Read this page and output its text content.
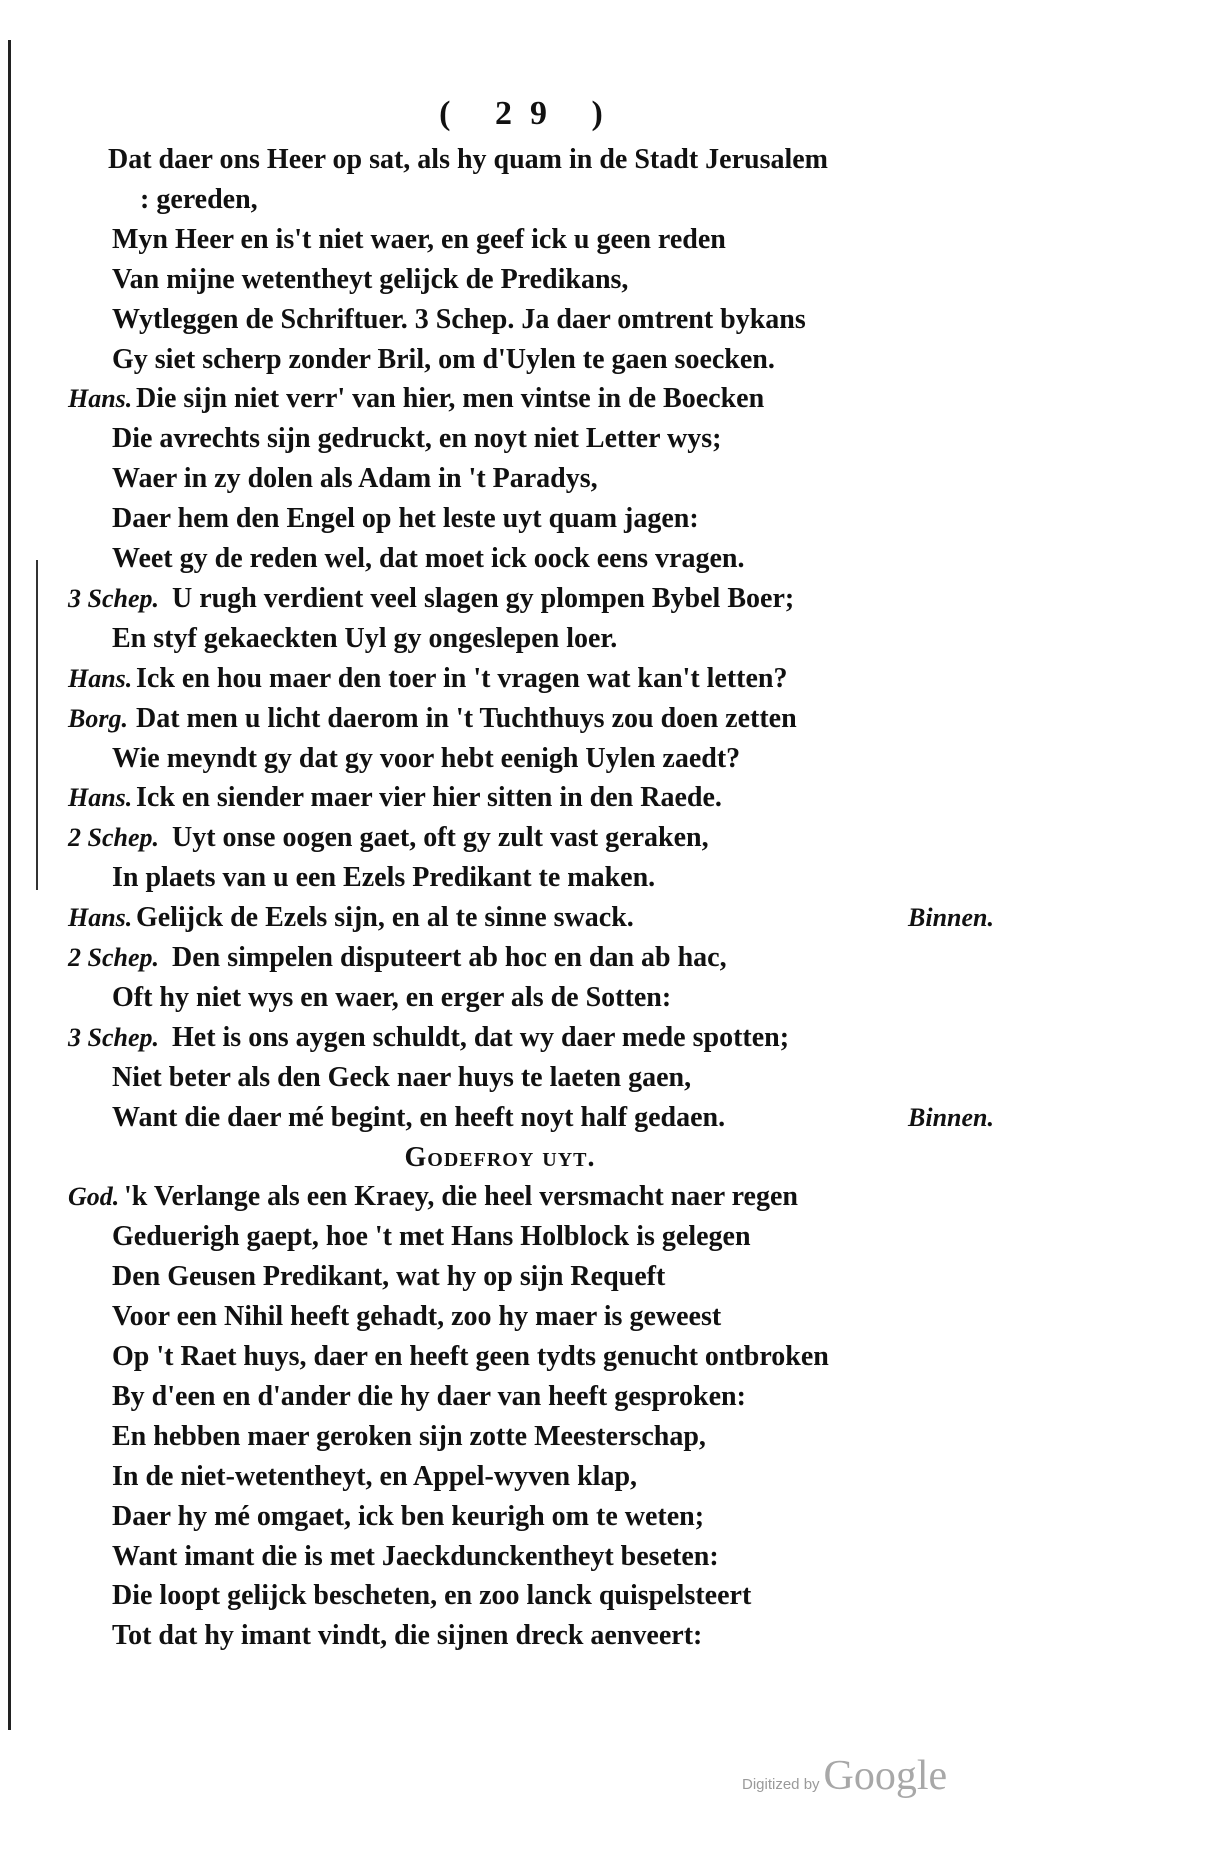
( 29 )
Dat daer ons Heer op sat, als hy quam in de Stadt Jerusalem
: gereden,
Myn Heer en is't niet waer, en geef ick u geen reden
Van mijne wetentheyt gelijck de Predikans,
Wytleggen de Schriftuer. 3 Schep. Ja daer omtrent bykans
Gy siet scherp zonder Bril, om d'Uylen te gaen soecken.
Hans. Die sijn niet verr' van hier, men vintse in de Boecken
Die avrechts sijn gedruckt, en noyt niet Letter wys;
Waer in zy dolen als Adam in 't Paradys,
Daer hem den Engel op het leste uyt quam jagen:
Weet gy de reden wel, dat moet ick oock eens vragen.
3 Schep. U rugh verdient veel slagen gy plompen Bybel Boer;
En styf gekaeckten Uyl gy ongeslepen loer.
Hans. Ick en hou maer den toer in 't vragen wat kan't letten?
Borg. Dat men u licht daerom in 't Tuchthuys zou doen zetten
Wie meyndt gy dat gy voor hebt eenigh Uylen zaedt?
Hans. Ick en siender maer vier hier sitten in den Raede.
2 Schep. Uyt onse oogen gaet, oft gy zult vast geraken,
In plaets van u een Ezels Predikant te maken.
Hans. Gelijck de Ezels sijn, en al te sinne swack.	Binnen.
2 Schep. Den simpelen disputeert ab hoc en dan ab hac,
Oft hy niet wys en waer, en erger als de Sotten:
3 Schep. Het is ons aygen schuldt, dat wy daer mede spotten;
Niet beter als den Geck naer huys te laeten gaen,
Want die daer mé begint, en heeft noyt half gedaen.	Binnen.
Godefroy uyt.
God. 'k Verlange als een Kraey, die heel versmacht naer regen
Geduerigh gaept, hoe 't met Hans Holblock is gelegen
Den Geusen Predikant, wat hy op sijn Requeft
Voor een Nihil heeft gehadt, zoo hy maer is geweest
Op 't Raet huys, daer en heeft geen tydts genucht ontbroken
By d'een en d'ander die hy daer van heeft gesproken:
En hebben maer geroken sijn zotte Meesterschap,
In de niet-wetentheyt, en Appel-wyven klap,
Daer hy mé omgaet, ick ben keurigh om te weten;
Want imant die is met Jaeckdunckentheyt beseten:
Die loopt gelijck bescheten, en zoo lanck quispelsteert
Tot dat hy imant vindt, die sijnen dreck aenveert:
Digitized by Google
